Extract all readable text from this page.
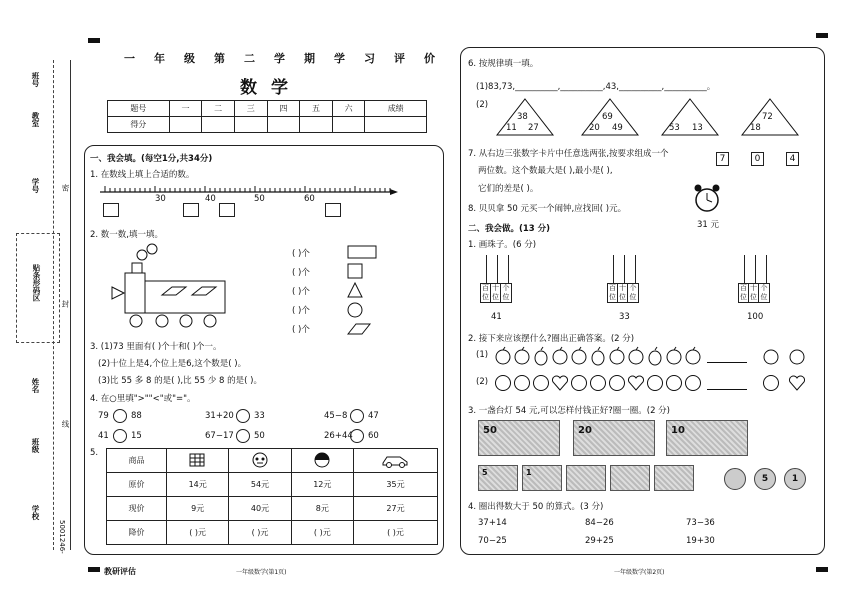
班号
教室
学号
贴条形码区
姓名
班级
学校
密
封
线
5001246-
一年级第二学期学习评价
数学
题号	一	二	三	四	五	六	成绩
得分							
一、我会填。(每空1分,共34分)
1. 在数线上填上合适的数。
30	40	50	60
2. 数一数,填一填。
( )个
( )个
( )个
( )个
( )个
3. (1)73 里面有( )个十和( )个一。
(2)十位上是4,个位上是6,这个数是( )。
(3)比 55 多 8 的是( ),比 55 少 8 的是( )。
4. 在○里填">""<"或"="。
79	88	31+20 33	45−8 47
41	15	67−17 50	26+44 60
5.
商品				
原价	14元	54元	12元	35元
现价	9元	40元	8元	27元
降价	( )元	( )元	( )元	( )元
6. 按规律填一填。
(1)83,73,__________,__________,43,__________,__________。
(2)
38
11 27
69
20 49	53 13
72
18
7. 从右边三张数字卡片中任意选两张,按要求组成一个
两位数。这个数最大是( ),最小是( ),
它们的差是( )。
7	0	4
8. 贝贝拿 50 元买一个闹钟,应找回( )元。
31 元
二、我会做。(13 分)
1. 画珠子。(6 分)
百位十位个位
41
百位十位个位
33
百位十位个位
100
2. 接下来应该摆什么?圈出正确答案。(2 分)
(1)
(2)
3. 一盏台灯 54 元,可以怎样付钱正好?圈一圈。(2 分)
50	20	10
5	1
5	1
4. 圈出得数大于 50 的算式。(3 分)
37+14	84−26	73−36
70−25	29+25	19+30
教研评估	一年级数学(第1页)	一年级数学(第2页)
